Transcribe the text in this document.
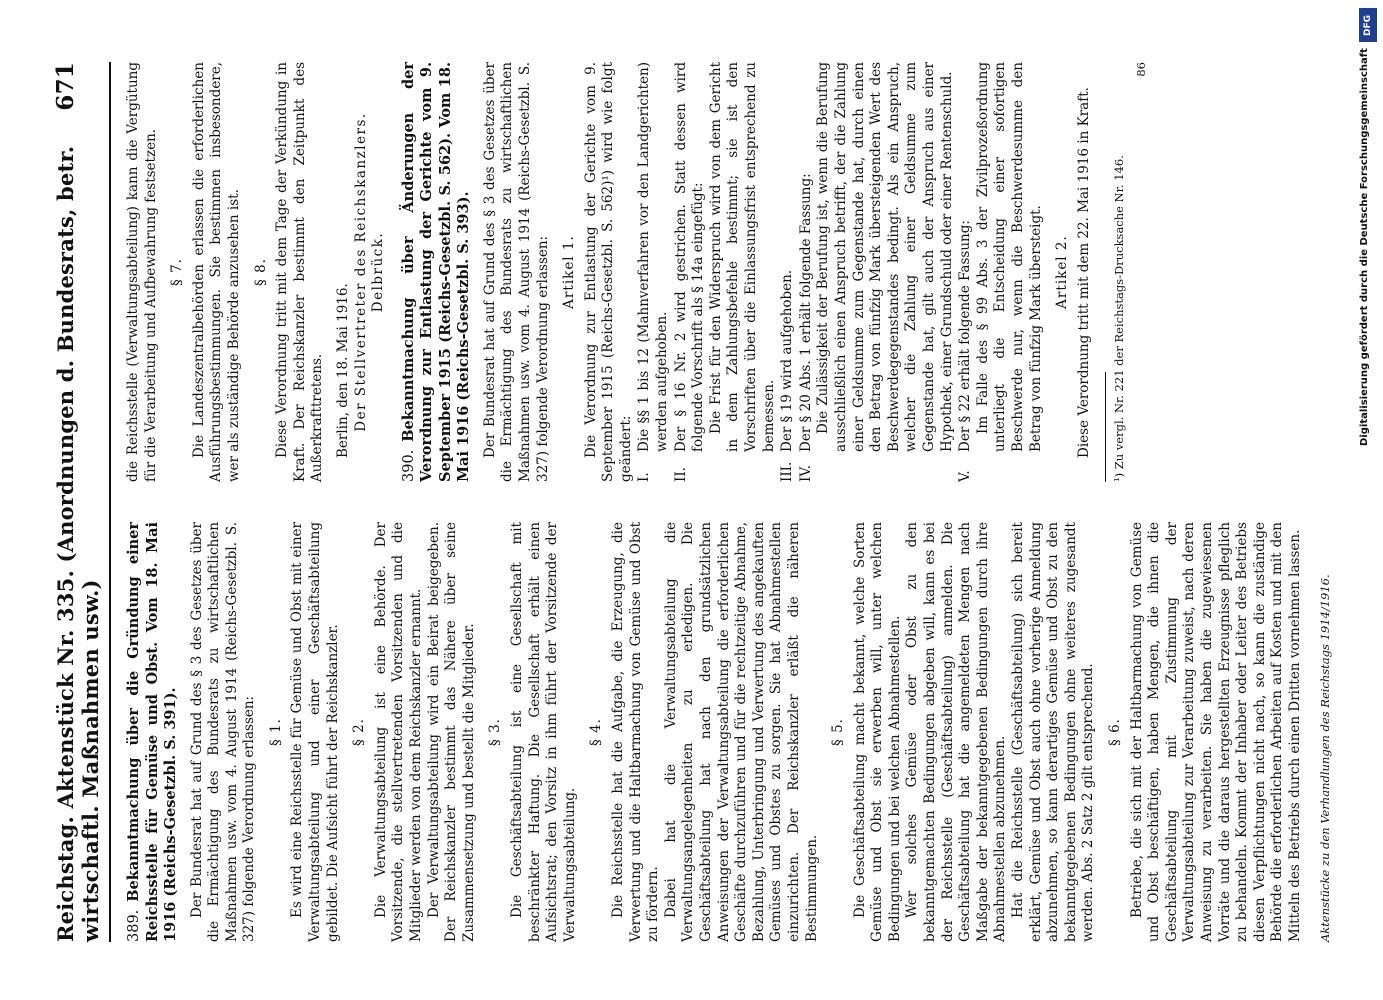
Reichstag. Aktenstück Nr. 335. (Anordnungen d. Bundesrats, betr. wirtschaftl. Maßnahmen usw.)
671

389.Bekanntmachung über die Gründung einer Reichsstelle für Gemüse und Obst. Vom 18. Mai 1916 (Reichs-Gesetzbl. S. 391). Der Bundesrat hat auf Grund des § 3 des Gesetzes über die Ermächtigung des Bundesrats zu wirtschaftlichen Maßnahmen usw. vom 4. August 1914 (Reichs-Gesetzbl. S. 327) folgende Verordnung erlassen: § 1. Es wird eine Reichsstelle für Gemüse und Obst mit einer Verwaltungsabteilung und einer Geschäftsabteilung gebildet. Die Aufsicht führt der Reichskanzler. § 2. Die Verwaltungsabteilung ist eine Behörde. Der Vorsitzende, die stellvertretenden Vorsitzenden und die Mitglieder werden von dem Reichskanzler ernannt. Der Verwaltungsabteilung wird ein Beirat beigegeben. Der Reichskanzler bestimmt das Nähere über seine Zusammensetzung und bestellt die Mitglieder. § 3. Die Geschäftsabteilung ist eine Gesellschaft mit beschränkter Haftung. Die Gesellschaft erhält einen Aufsichtsrat; den Vorsitz in ihm führt der Vorsitzende der Verwaltungsabteilung.

§ 4. Die Reichsstelle hat die Aufgabe, die Erzeugung, die Verwertung und die Haltbarmachung von Gemüse und Obst zu fördern. Dabei hat die Verwaltungsabteilung die Verwaltungsangelegenheiten zu erledigen. Die Geschäftsabteilung hat nach den grundsätzlichen Anweisungen der Verwaltungsabteilung die erforderlichen Geschäfte durchzuführen und für die rechtzeitige Abnahme, Bezahlung, Unterbringung und Verwertung des angekauften Gemüses und Obstes zu sorgen. Sie hat Abnahmestellen einzurichten. Der Reichskanzler erläßt die näheren Bestimmungen.

§ 5. Die Geschäftsabteilung macht bekannt, welche Sorten Gemüse und Obst sie erwerben will, unter welchen Bedingungen und bei welchen Abnahmestellen. Wer solches Gemüse oder Obst zu den bekanntgemachten Bedingungen abgeben will, kann es bei der Reichsstelle (Geschäftsabteilung) anmelden. Die Geschäftsabteilung hat die angemeldeten Mengen nach Maßgabe der bekanntgegebenen Bedingungen durch ihre Abnahmestellen abzunehmen. Hat die Reichsstelle (Geschäftsabteilung) sich bereit erklärt, Gemüse und Obst auch ohne vorherige Anmeldung abzunehmen, so kann derartiges Gemüse und Obst zu den bekanntgegebenen Bedingungen ohne weiteres zugesandt werden. Abs. 2 Satz 2 gilt entsprechend. § 6. Betriebe, die sich mit der Haltbarmachung von Gemüse und Obst beschäftigen, haben Mengen, die ihnen die Geschäftsabteilung mit Zustimmung der Verwaltungsabteilung zur Verarbeitung zuweist, nach deren Anweisung zu verarbeiten. Sie haben die zugewiesenen Vorräte und die daraus hergestellten Erzeugnisse pfleglich zu behandeln. Kommt der Inhaber oder Leiter des Betriebs diesen Verpflichtungen nicht nach, so kann die zuständige Behörde die erforderlichen Arbeiten auf Kosten und mit den Mitteln des Betriebs durch einen Dritten vornehmen lassen. Aktenstücke zu den Verhandlungen des Reichstags 1914/1916.

die Reichsstelle (Verwaltungsabteilung) kann die Vergütung für die Verarbeitung und Aufbewahrung festsetzen. § 7. Die Landeszentralbehörden erlassen die erforderlichen Ausführungsbestimmungen. Sie bestimmen insbesondere, wer als zuständige Behörde anzusehen ist. § 8. Diese Verordnung tritt mit dem Tage der Verkündung in Kraft. Der Reichskanzler bestimmt den Zeitpunkt des Außerkrafttretens. Berlin, den 18. Mai 1916. Der Stellvertreter des Reichskanzlers. Delbrück.

390.Bekanntmachung über Änderungen der Verordnung zur Entlastung der Gerichte vom 9. September 1915 (Reichs-Gesetzbl. S. 562). Vom 18. Mai 1916 (Reichs-Gesetzbl. S. 393). Der Bundesrat hat auf Grund des § 3 des Gesetzes über die Ermächtigung des Bundesrats zu wirtschaftlichen Maßnahmen usw. vom 4. August 1914 (Reichs-Gesetzbl. S. 327) folgende Verordnung erlassen: Artikel 1. Die Verordnung zur Entlastung der Gerichte vom 9. September 1915 (Reichs-Gesetzbl. S. 562)¹) wird wie folgt geändert: I.Die §§ 1 bis 12 (Mahnverfahren vor den Landgerichten) werden aufgehoben.

II.Der § 16 Nr. 2 wird gestrichen. Statt dessen wird folgende Vorschrift als § 14a eingefügt: Die Frist für den Widerspruch wird von dem Gericht in dem Zahlungsbefehle bestimmt; sie ist den Vorschriften über die Einlassungsfrist entsprechend zu bemessen.

III.Der § 19 wird aufgehoben.

IV.Der § 20 Abs. 1 erhält folgende Fassung: Die Zulässigkeit der Berufung ist, wenn die Berufung ausschließlich einen Anspruch betrifft, der die Zahlung einer Geldsumme zum Gegenstande hat, durch einen den Betrag von fünfzig Mark übersteigenden Wert des Beschwerdegegenstandes bedingt. Als ein Anspruch, welcher die Zahlung einer Geldsumme zum Gegenstande hat, gilt auch der Anspruch aus einer Hypothek, einer Grundschuld oder einer Rentenschuld.

V.Der § 22 erhält folgende Fassung: Im Falle des § 99 Abs. 3 der Zivilprozeßordnung unterliegt die Entscheidung einer sofortigen Beschwerde nur, wenn die Beschwerdesumme den Betrag von fünfzig Mark übersteigt. Artikel 2. Diese Verordnung tritt mit dem 22. Mai 1916 in Kraft. ¹) Zu vergl. Nr. 221 der Reichstags-Drucksache Nr. 146.

86

DFG
Digitalisierung gefördert durch die Deutsche Forschungsgemeinschaft
